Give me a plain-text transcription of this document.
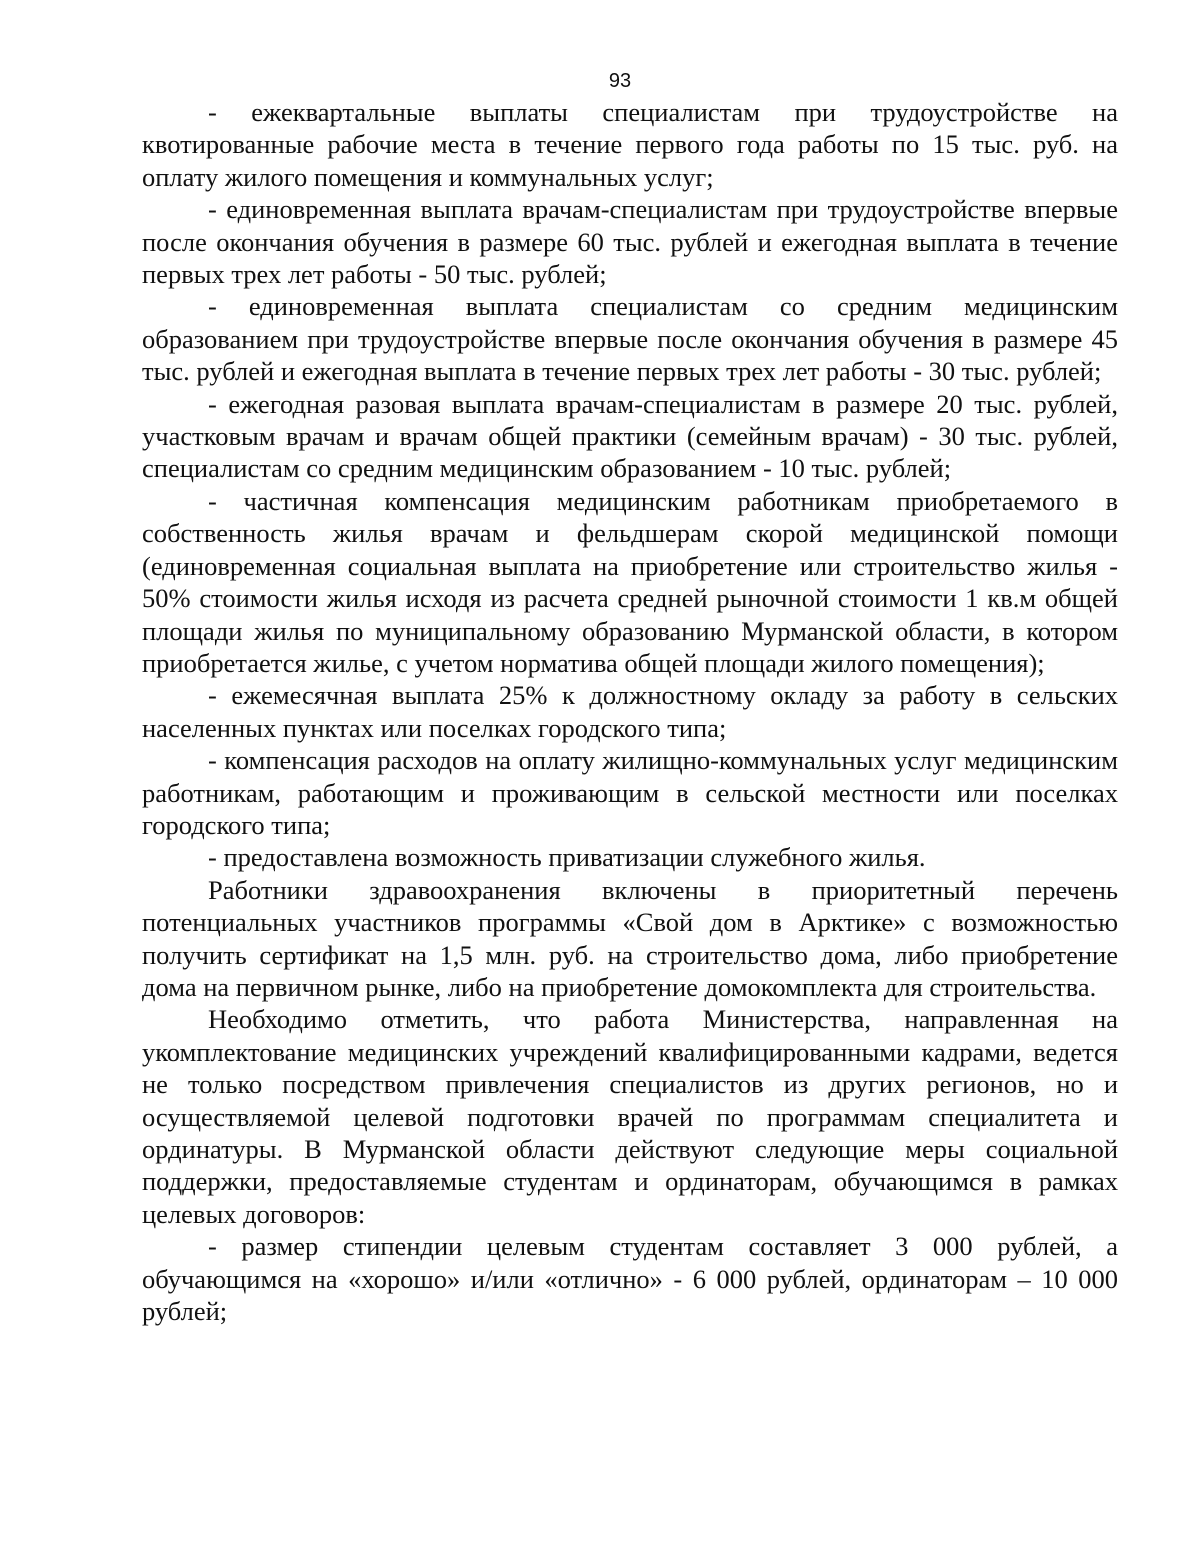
93

- ежеквартальные выплаты специалистам при трудоустройстве на квотированные рабочие места в течение первого года работы по 15 тыс. руб. на оплату жилого помещения и коммунальных услуг;

- единовременная выплата врачам-специалистам при трудоустройстве впервые после окончания обучения в размере 60 тыс. рублей и ежегодная выплата в течение первых трех лет работы - 50 тыс. рублей;

- единовременная выплата специалистам со средним медицинским образованием при трудоустройстве впервые после окончания обучения в размере 45 тыс. рублей и ежегодная выплата в течение первых трех лет работы - 30 тыс. рублей;

- ежегодная разовая выплата врачам-специалистам в размере 20 тыс. рублей, участковым врачам и врачам общей практики (семейным врачам) - 30 тыс. рублей, специалистам со средним медицинским образованием - 10 тыс. рублей;

- частичная компенсация медицинским работникам приобретаемого в собственность жилья врачам и фельдшерам скорой медицинской помощи (единовременная социальная выплата на приобретение или строительство жилья - 50% стоимости жилья исходя из расчета средней рыночной стоимости 1 кв.м общей площади жилья по муниципальному образованию Мурманской области, в котором приобретается жилье, с учетом норматива общей площади жилого помещения);

- ежемесячная выплата 25% к должностному окладу за работу в сельских населенных пунктах или поселках городского типа;

- компенсация расходов на оплату жилищно-коммунальных услуг медицинским работникам, работающим и проживающим в сельской местности или поселках городского типа;

- предоставлена возможность приватизации служебного жилья.

Работники здравоохранения включены в приоритетный перечень потенциальных участников программы «Свой дом в Арктике» с возможностью получить сертификат на 1,5 млн. руб. на строительство дома, либо приобретение дома на первичном рынке, либо на приобретение домокомплекта для строительства.

Необходимо отметить, что работа Министерства, направленная на укомплектование медицинских учреждений квалифицированными кадрами, ведется не только посредством привлечения специалистов из других регионов, но и осуществляемой целевой подготовки врачей по программам специалитета и ординатуры. В Мурманской области действуют следующие меры социальной поддержки, предоставляемые студентам и ординаторам, обучающимся в рамках целевых договоров:

- размер стипендии целевым студентам составляет 3 000 рублей, а обучающимся на «хорошо» и/или «отлично» - 6 000 рублей, ординаторам – 10 000 рублей;
